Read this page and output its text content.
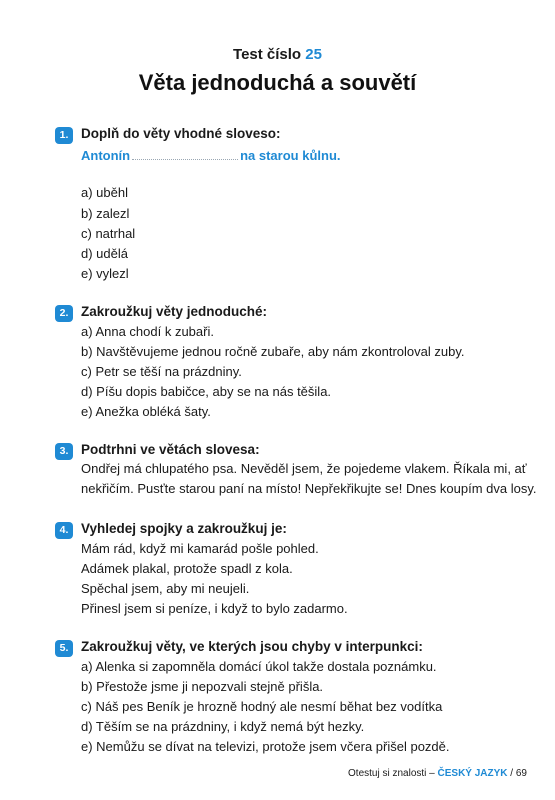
Test číslo 25
Věta jednoduchá a souvětí
1. Doplň do věty vhodné sloveso:
Antonín	na starou kůlnu.
a) uběhl
b) zalezl
c) natrhal
d) udělá
e) vylezl
2. Zakroužkuj věty jednoduché:
a) Anna chodí k zubaři.
b) Navštěvujeme jednou ročně zubaře, aby nám zkontroloval zuby.
c) Petr se těší na prázdniny.
d) Píšu dopis babičce, aby se na nás těšila.
e) Anežka obléká šaty.
3. Podtrhni ve větách slovesa:
Ondřej má chlupatého psa. Nevěděl jsem, že pojedeme vlakem. Říkala mi, ať
nekřičím. Pusťte starou paní na místo! Nepřekřikujte se! Dnes koupím dva losy.
4. Vyhledej spojky a zakroužkuj je:
Mám rád, když mi kamarád pošle pohled.
Adámek plakal, protože spadl z kola.
Spěchal jsem, aby mi neujeli.
Přinesl jsem si peníze, i když to bylo zadarmo.
5. Zakroužkuj věty, ve kterých jsou chyby v interpunkci:
a) Alenka si zapomněla domácí úkol takže dostala poznámku.
b) Přestože jsme ji nepozvali stejně přišla.
c) Náš pes Beník je hrozně hodný ale nesmí běhat bez vodítka
d) Těším se na prázdniny, i když nemá být hezky.
e) Nemůžu se dívat na televizi, protože jsem včera přišel pozdě.
Otestuj si znalosti – ČESKÝ JAZYK / 69
